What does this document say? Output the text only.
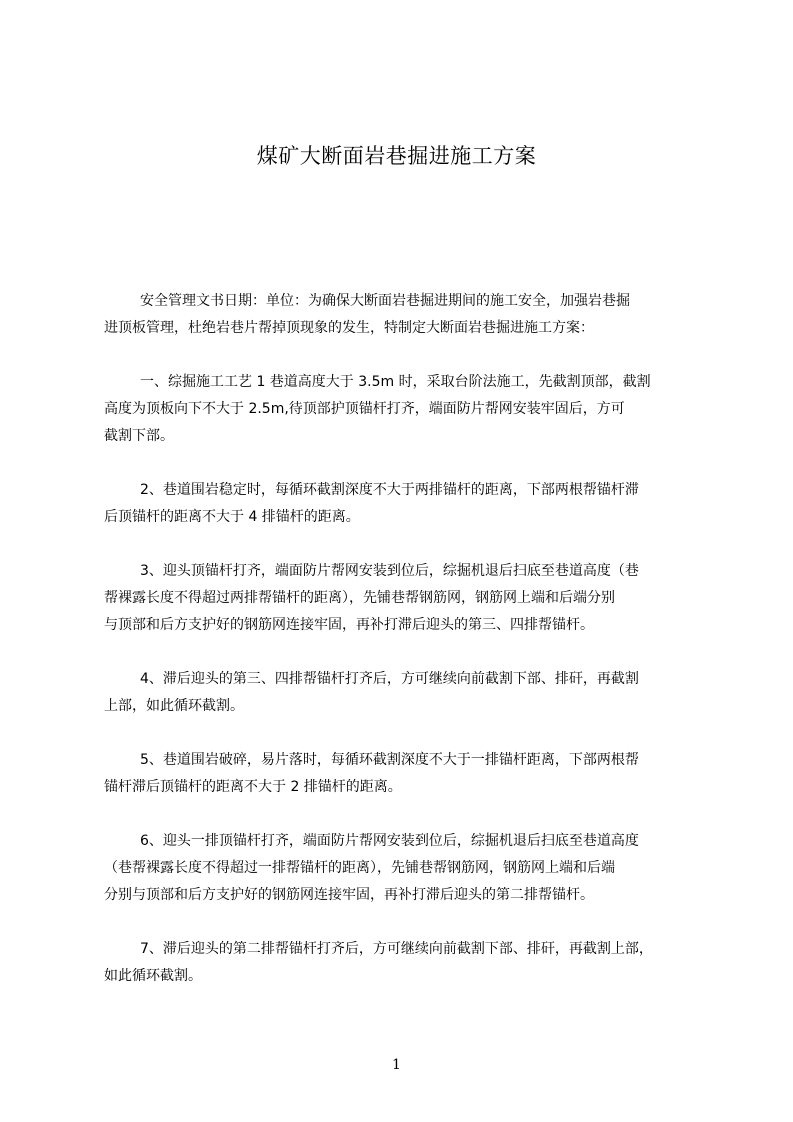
煤矿大断面岩巷掘进施工方案
安全管理文书日期：单位：为确保大断面岩巷掘进期间的施工安全，加强岩巷掘
进顶板管理，杜绝岩巷片帮掉顶现象的发生，特制定大断面岩巷掘进施工方案：
一、综掘施工工艺 1 巷道高度大于 3.5m 时，采取台阶法施工，先截割顶部，截割
高度为顶板向下不大于 2.5m,待顶部护顶锚杆打齐，端面防片帮网安装牢固后，方可
截割下部。
2、巷道围岩稳定时，每循环截割深度不大于两排锚杆的距离，下部两根帮锚杆滞
后顶锚杆的距离不大于 4 排锚杆的距离。
3、迎头顶锚杆打齐，端面防片帮网安装到位后，综掘机退后扫底至巷道高度（巷
帮裸露长度不得超过两排帮锚杆的距离），先铺巷帮钢筋网，钢筋网上端和后端分别
与顶部和后方支护好的钢筋网连接牢固，再补打滞后迎头的第三、四排帮锚杆。
4、滞后迎头的第三、四排帮锚杆打齐后，方可继续向前截割下部、排矸，再截割
上部，如此循环截割。
5、巷道围岩破碎，易片落时，每循环截割深度不大于一排锚杆距离，下部两根帮
锚杆滞后顶锚杆的距离不大于 2 排锚杆的距离。
6、迎头一排顶锚杆打齐，端面防片帮网安装到位后，综掘机退后扫底至巷道高度
（巷帮裸露长度不得超过一排帮锚杆的距离），先铺巷帮钢筋网，钢筋网上端和后端
分别与顶部和后方支护好的钢筋网连接牢固，再补打滞后迎头的第二排帮锚杆。
7、滞后迎头的第二排帮锚杆打齐后，方可继续向前截割下部、排矸，再截割上部，
如此循环截割。
1
